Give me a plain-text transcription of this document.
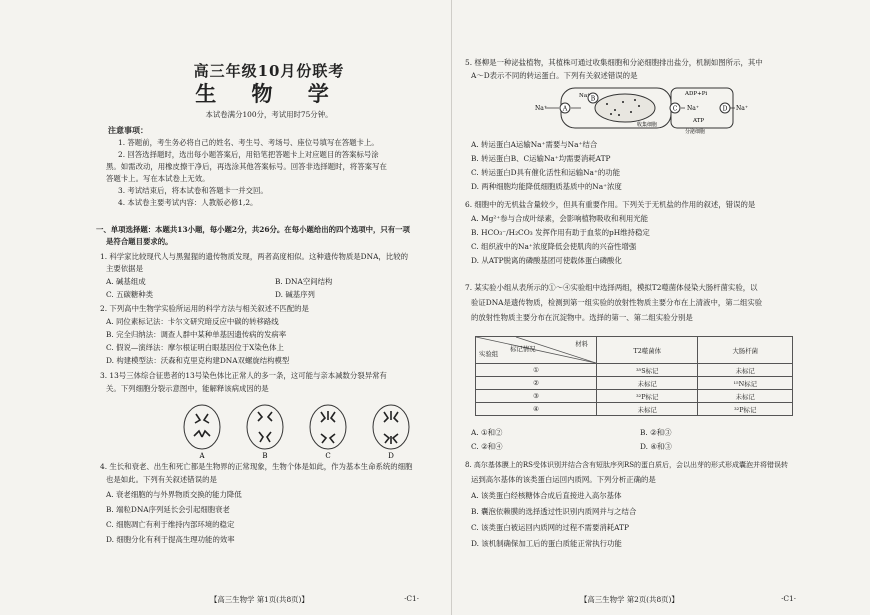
高三年级10月份联考
生 物 学
本试卷满分100分，考试用时75分钟。
注意事项：
1. 答题前，考生务必将自己的姓名、考生号、考场号、座位号填写在答题卡上。
2. 回答选择题时，选出每小题答案后，用铅笔把答题卡上对应题目的答案标号涂
黑。如需改动，用橡皮擦干净后，再选涂其他答案标号。回答非选择题时，将答案写在
答题卡上。写在本试卷上无效。
3. 考试结束后，将本试卷和答题卡一并交回。
4. 本试卷主要考试内容：人教版必修1,2。
一、单项选择题：本题共13小题，每小题2分，共26分。在每小题给出的四个选项中，只有一项
是符合题目要求的。
1. 科学家比较现代人与黑猩猩的遗传物质发现，两者高度相似。这种遗传物质是DNA，比较的
主要依据是
A. 碱基组成	B. DNA空间结构
C. 五碳糖种类	D. 碱基序列
2. 下列高中生物学实验所运用的科学方法与相关叙述不匹配的是
A. 同位素标记法：卡尔文研究暗反应中碳的转移路线
B. 完全归纳法：调查人群中某种单基因遗传病的发病率
C. 假说—演绎法：摩尔根证明白眼基因位于X染色体上
D. 构建模型法：沃森和克里克构建DNA双螺旋结构模型
3. 13号三体综合征患者的13号染色体比正常人的多一条，这可能与亲本减数分裂异常有
关。下列细胞分裂示意图中，能解释该病成因的是
A	B	C	D
4. 生长和衰老、出生和死亡都是生物界的正常现象，生物个体是如此，作为基本生命系统的细胞
也是如此。下列有关叙述错误的是
A. 衰老细胞的与外界物质交换的能力降低
B. 端粒DNA序列延长会引起细胞衰老
C. 细胞凋亡有利于维持内部环境的稳定
D. 细胞分化有利于提高生理功能的效率
【高三生物学 第1页(共8页)】	·C1·
5. 柽柳是一种泌盐植物，其植株可通过收集细胞和分泌细胞排出盐分，机制如图所示，其中
A～D表示不同的转运蛋白。下列有关叙述错误的是
A
B
C	D
Na⁺
Na⁺
Na⁺	Na⁺
ADP+Pi
ATP
收集细胞
分泌细胞
A. 转运蛋白A运输Na⁺需要与Na⁺结合
B. 转运蛋白B、C运输Na⁺均需要消耗ATP
C. 转运蛋白D具有催化活性和运输Na⁺的功能
D. 两种细胞均能降低细胞质基质中的Na⁺浓度
6. 细胞中的无机盐含量较少，但具有重要作用。下列关于无机盐的作用的叙述，错误的是
A. Mg²⁺参与合成叶绿素，会影响植物吸收和利用光能
B. HCO₃⁻/H₂CO₃ 发挥作用有助于血浆的pH维持稳定
C. 组织液中的Na⁺浓度降低会使肌肉的兴奋性增强
D. 从ATP脱离的磷酸基团可使载体蛋白磷酸化
7. 某实验小组从表所示的①～④实验组中选择两组，模拟T2噬菌体侵染大肠杆菌实验，以
验证DNA是遗传物质，检测到第一组实验的放射性物质主要分布在上清液中，第二组实验
的放射性物质主要分布在沉淀物中。选择的第一、第二组实验分别是
材料
标记情况
实验组	T2噬菌体	大肠杆菌
①	³⁵S标记	未标记
②	未标记	¹⁵N标记
③	³²P标记	未标记
④	未标记	³²P标记
A. ①和②	B. ②和③
C. ②和④	D. ④和③
8. 高尔基体膜上的RS受体识别并结合含有短肽序列RS的蛋白质后，会以出芽的形式形成囊泡并将错误转
运到高尔基体的该类蛋白运回内质网。下列分析正确的是
A. 该类蛋白经核糖体合成后直接进入高尔基体
B. 囊泡依赖膜的选择透过性识别内质网并与之结合
C. 该类蛋白被运回内质网的过程不需要消耗ATP
D. 该机制确保加工后的蛋白质能正常执行功能
【高三生物学 第2页(共8页)】	·C1·
